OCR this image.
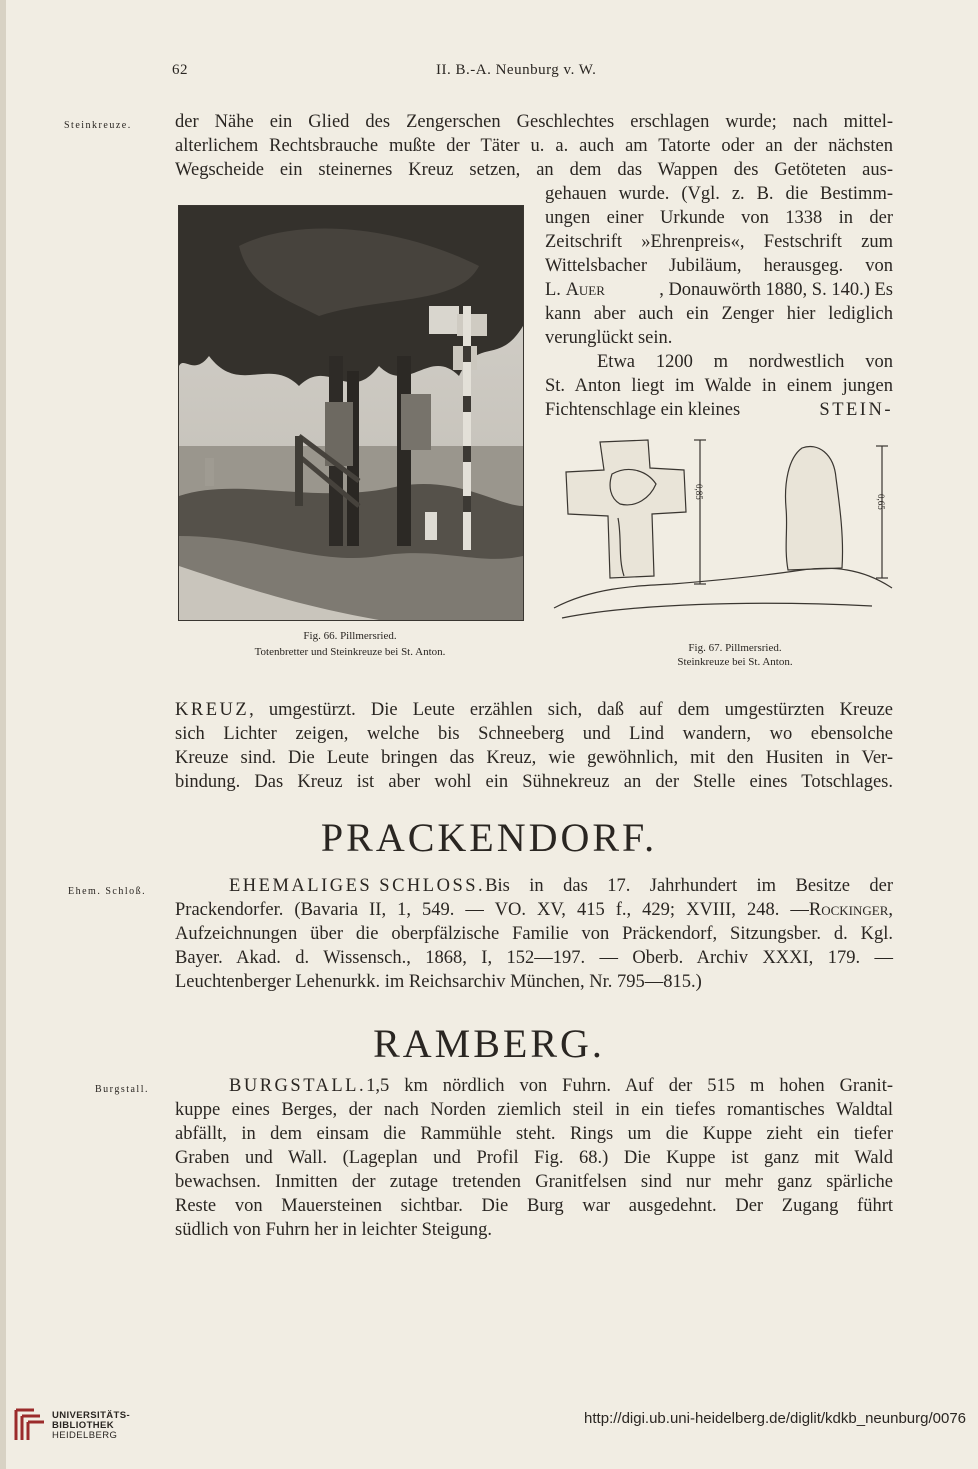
62	II. B.-A. Neunburg v. W.
Steinkreuze.
Ehem. Schloß.
Burgstall.
der Nähe ein Glied des Zengerschen Geschlechtes erschlagen wurde; nach mittel-
alterlichem Rechtsbrauche mußte der Täter u. a. auch am Tatorte oder an der nächsten
Wegscheide ein steinernes Kreuz setzen, an dem das Wappen des Getöteten aus-
gehauen wurde. (Vgl. z. B. die Bestimm-
ungen einer Urkunde von 1338 in der
Zeitschrift »Ehrenpreis«, Festschrift zum
Wittelsbacher Jubiläum, herausgeg. von
L. Auer	, Donauwörth 1880, S. 140.) Es
kann aber auch ein Zenger hier lediglich
verunglückt sein.
Etwa 1200 m nordwestlich von
St. Anton liegt im Walde in einem jungen
Fichtenschlage ein kleines	STEIN-
Fig. 66. Pillmersried.
Totenbretter und Steinkreuze bei St. Anton.
0,85
0,65
Fig. 67. Pillmersried.
Steinkreuze bei St. Anton.
KREUZ , umgestürzt. Die Leute erzählen sich, daß auf dem umgestürzten Kreuze
sich Lichter zeigen, welche bis Schneeberg und Lind wandern, wo ebensolche
Kreuze sind. Die Leute bringen das Kreuz, wie gewöhnlich, mit den Husiten in Ver-
bindung. Das Kreuz ist aber wohl ein Sühnekreuz an der Stelle eines Totschlages.
PRACKENDORF.
EHEMALIGES SCHLOSS. Bis in das 17. Jahrhundert im Besitze der
Prackendorfer. (Bavaria II, 1, 549. — VO. XV, 415 f., 429; XVIII, 248. — Rockinger ,
Aufzeichnungen über die oberpfälzische Familie von Präckendorf, Sitzungsber. d. Kgl.
Bayer. Akad. d. Wissensch., 1868, I, 152—197. — Oberb. Archiv XXXI, 179. —
Leuchtenberger Lehenurkk. im Reichsarchiv München, Nr. 795—815.)
RAMBERG.
BURGSTALL. 1,5 km nördlich von Fuhrn. Auf der 515 m hohen Granit-
kuppe eines Berges, der nach Norden ziemlich steil in ein tiefes romantisches Waldtal
abfällt, in dem einsam die Rammühle steht. Rings um die Kuppe zieht ein tiefer
Graben und Wall. (Lageplan und Profil Fig. 68.) Die Kuppe ist ganz mit Wald
bewachsen. Inmitten der zutage tretenden Granitfelsen sind nur mehr ganz spärliche
Reste von Mauersteinen sichtbar. Die Burg war ausgedehnt. Der Zugang führt
südlich von Fuhrn her in leichter Steigung.
UNIVERSITÄTS-
BIBLIOTHEK
HEIDELBERG
http://digi.ub.uni-heidelberg.de/diglit/kdkb_neunburg/0076
